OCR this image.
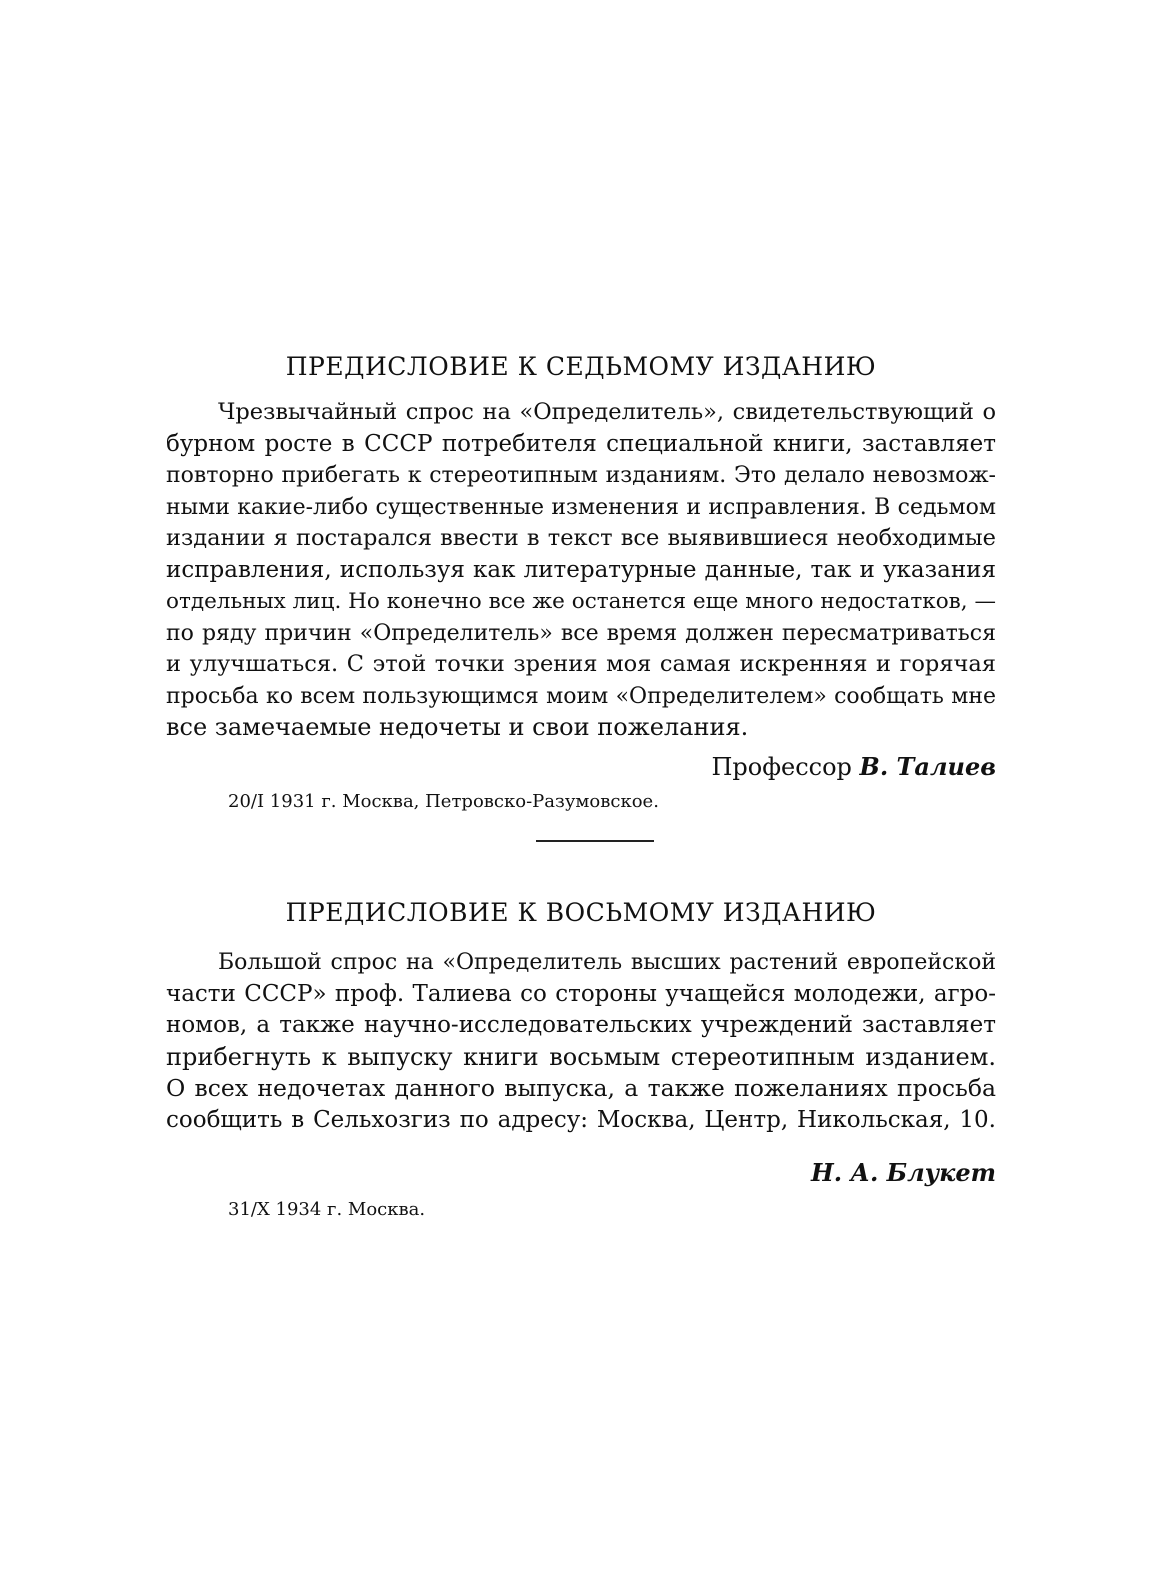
ПРЕДИСЛОВИЕ К СЕДЬМОМУ ИЗДАНИЮ
Чрезвычайный спрос на «Определитель», свидетельствующий о
бурном росте в СССР потребителя специальной книги, заставляет
повторно прибегать к стереотипным изданиям. Это делало невозмож-
ными какие-либо существенные изменения и исправления. В седьмом
издании я постарался ввести в текст все выявившиеся необходимые
исправления, используя как литературные данные, так и указания
отдельных лиц. Но конечно все же останется еще много недостатков, —
по ряду причин «Определитель» все время должен пересматриваться
и улучшаться. С этой точки зрения моя самая искренняя и горячая
просьба ко всем пользующимся моим «Определителем» сообщать мне
все замечаемые недочеты и свои пожелания.

Профессор В. Талиев

20/I 1931 г. Москва, Петровско-Разумовское.

ПРЕДИСЛОВИЕ К ВОСЬМОМУ ИЗДАНИЮ
Большой спрос на «Определитель высших растений европейской
части СССР» проф. Талиева со стороны учащейся молодежи, агро-
номов, а также научно-исследовательских учреждений заставляет
прибегнуть к выпуску книги восьмым стереотипным изданием.
О всех недочетах данного выпуска, а также пожеланиях просьба
сообщить в Сельхозгиз по адресу: Москва, Центр, Никольская, 10.

Н. А. Блукет

31/X 1934 г. Москва.
